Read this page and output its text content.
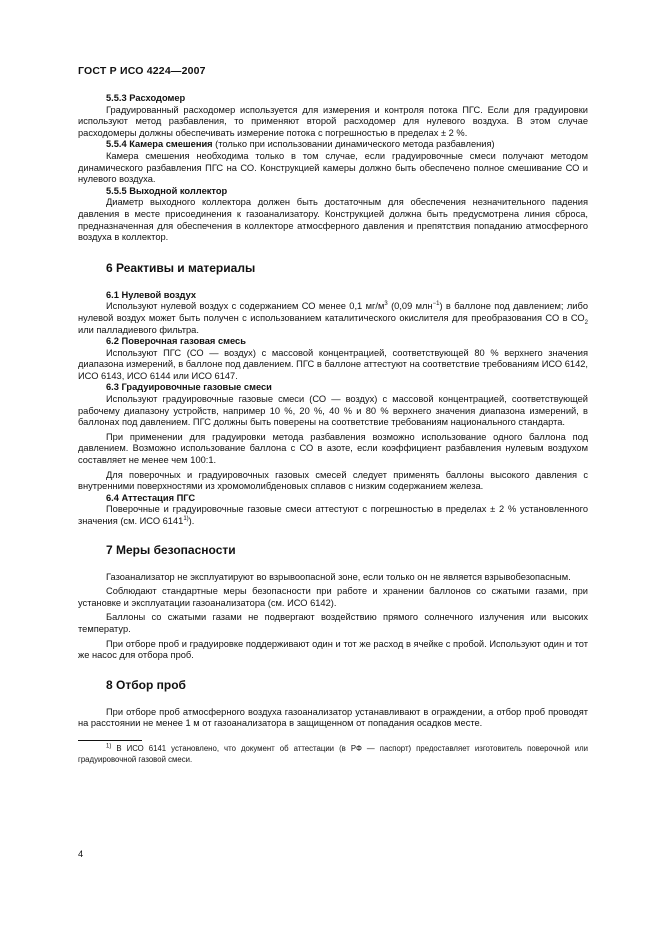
ГОСТ Р ИСО 4224—2007
5.5.3 Расходомер

Градуированный расходомер используется для измерения и контроля потока ПГС. Если для градуировки используют метод разбавления, то применяют второй расходомер для нулевого воздуха. В этом случае расходомеры должны обеспечивать измерение потока с погрешностью в пределах ± 2 %.

5.5.4 Камера смешения (только при использовании динамического метода разбавления)

Камера смешения необходима только в том случае, если градуировочные смеси получают методом динамического разбавления ПГС на СО. Конструкцией камеры должно быть обеспечено полное смешивание СО и нулевого воздуха.

5.5.5 Выходной коллектор

Диаметр выходного коллектора должен быть достаточным для обеспечения незначительного падения давления в месте присоединения к газоанализатору. Конструкцией должна быть предусмотрена линия сброса, предназначенная для обеспечения в коллекторе атмосферного давления и препятствия попаданию атмосферного воздуха в коллектор.

6 Реактивы и материалы
6.1 Нулевой воздух

Используют нулевой воздух с содержанием СО менее 0,1 $мг/м^3$ (0,09 млн$^{-1}$) в баллоне под давлением; либо нулевой воздух может быть получен с использованием каталитического окислителя для преобразования СО в $СО_2$ или палладиевого фильтра.

6.2 Поверочная газовая смесь

Используют ПГС (СО — воздух) с массовой концентрацией, соответствующей 80 % верхнего значения диапазона измерений, в баллоне под давлением. ПГС в баллоне аттестуют на соответствие требованиям ИСО 6142, ИСО 6143, ИСО 6144 или ИСО 6147.

6.3 Градуировочные газовые смеси

Используют градуировочные газовые смеси (СО — воздух) с массовой концентрацией, соответствующей рабочему диапазону устройств, например 10 %, 20 %, 40 % и 80 % верхнего значения диапазона измерений, в баллонах под давлением. ПГС должны быть поверены на соответствие требованиям национального стандарта.

При применении для градуировки метода разбавления возможно использование одного баллона под давлением. Возможно использование баллона с СО в азоте, если коэффициент разбавления нулевым воздухом составляет не менее чем 100:1.

Для поверочных и градуировочных газовых смесей следует применять баллоны высокого давления с внутренними поверхностями из хромомолибденовых сплавов с низким содержанием железа.

6.4 Аттестация ПГС

Поверочные и градуировочные газовые смеси аттестуют с погрешностью в пределах ± 2 % установленного значения (см. ИСО 6141$^{1)}$).

7 Меры безопасности

Газоанализатор не эксплуатируют во взрывоопасной зоне, если только он не является взрывобезопасным.

Соблюдают стандартные меры безопасности при работе и хранении баллонов со сжатыми газами, при установке и эксплуатации газоанализатора (см. ИСО 6142).

Баллоны со сжатыми газами не подвергают воздействию прямого солнечного излучения или высоких температур.

При отборе проб и градуировке поддерживают один и тот же расход в ячейке с пробой. Используют один и тот же насос для отбора проб.

8 Отбор проб

При отборе проб атмосферного воздуха газоанализатор устанавливают в ограждении, а отбор проб проводят на расстоянии не менее 1 м от газоанализатора в защищенном от попадания осадков месте.

$^{1)}$ В ИСО 6141 установлено, что документ об аттестации (в РФ — паспорт) предоставляет изготовитель поверочной или градуировочной газовой смеси.
4
